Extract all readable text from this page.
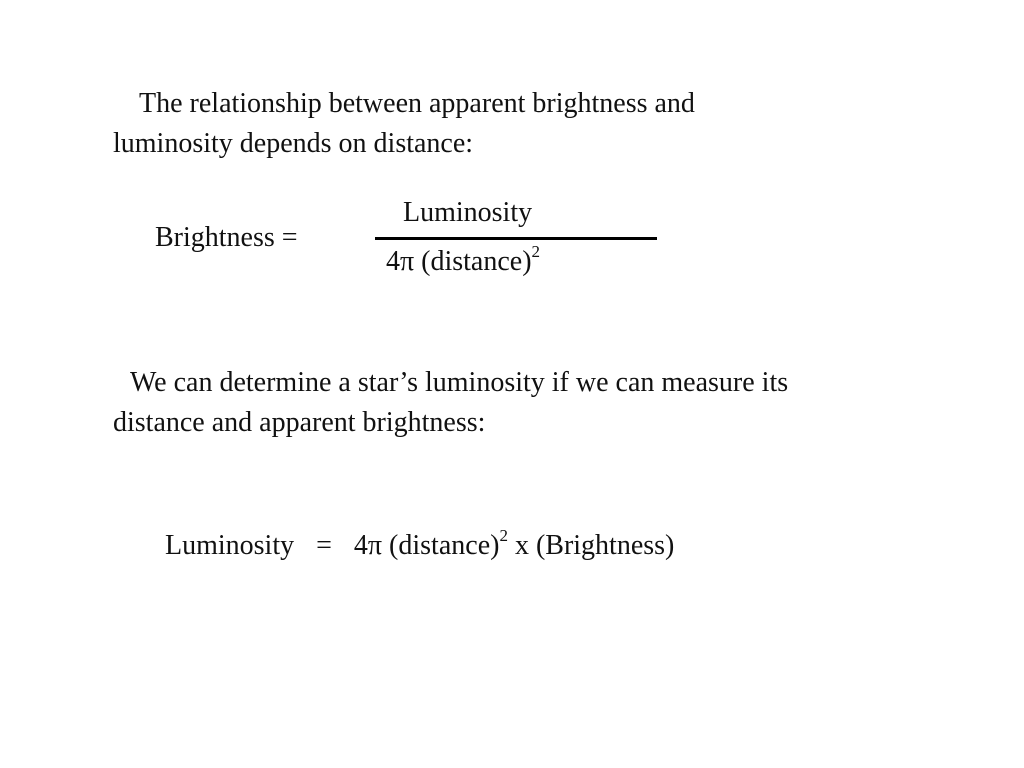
The relationship between apparent brightness and
luminosity depends on distance:

Brightness =
Luminosity
4π (distance)$^2$

We can determine a star’s luminosity if we can measure its
distance and apparent brightness:

Luminosity = 4π (distance)$^2$ x (Brightness)
